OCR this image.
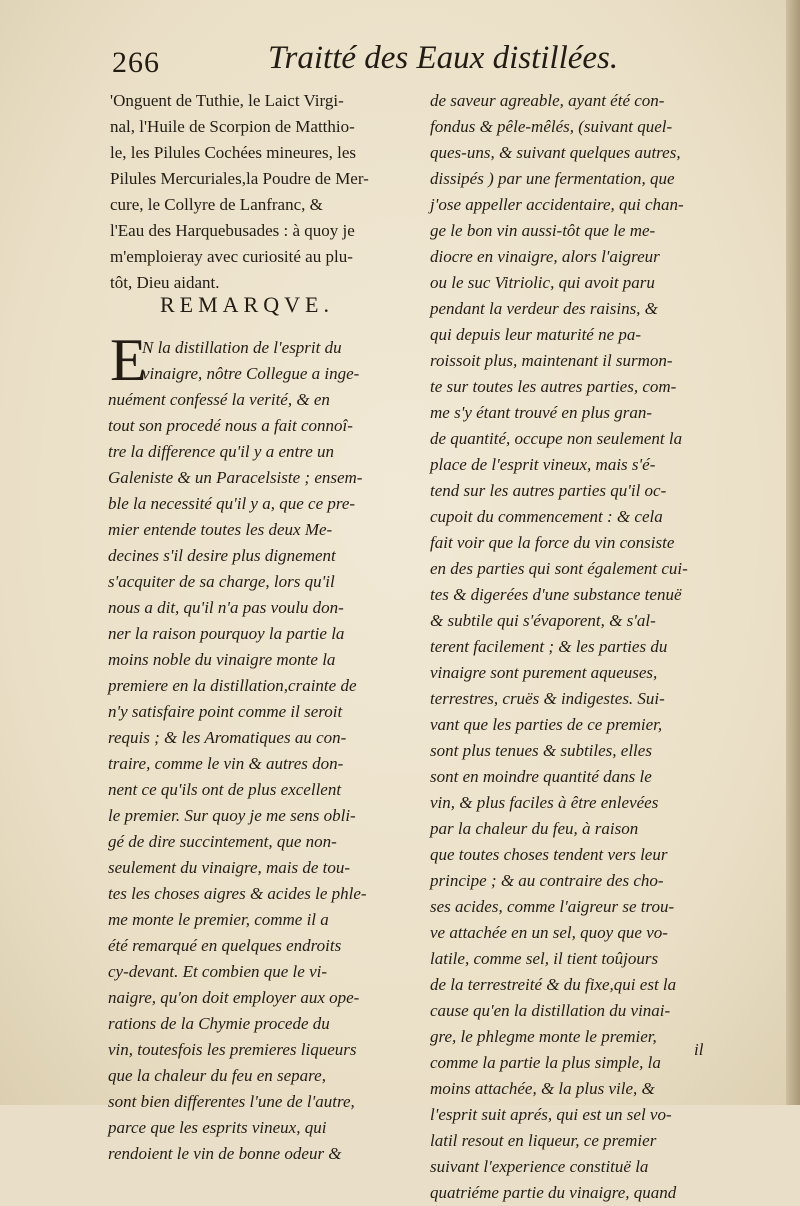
266	Traitté des Eaux distillées.
'Onguent de Tuthie, le Laict Virgi-
nal, l'Huile de Scorpion de Matthio-
le, les Pilules Cochées mineures, les
Pilules Mercuriales,la Poudre de Mer-
cure, le Collyre de Lanfranc, &
l'Eau des Harquebusades : à quoy je
m'emploieray avec curiosité au plu-
tôt, Dieu aidant.
REMARQVE.
E
N la distillation de l'esprit du
vinaigre, nôtre Collegue a inge-
nuément confessé la verité, & en
tout son procedé nous a fait connoî-
tre la difference qu'il y a entre un
Galeniste & un Paracelsiste ; ensem-
ble la necessité qu'il y a, que ce pre-
mier entende toutes les deux Me-
decines s'il desire plus dignement
s'acquiter de sa charge, lors qu'il
nous a dit, qu'il n'a pas voulu don-
ner la raison pourquoy la partie la
moins noble du vinaigre monte la
premiere en la distillation,crainte de
n'y satisfaire point comme il seroit
requis ; & les Aromatiques au con-
traire, comme le vin & autres don-
nent ce qu'ils ont de plus excellent
le premier. Sur quoy je me sens obli-
gé de dire succintement, que non-
seulement du vinaigre, mais de tou-
tes les choses aigres & acides le phle-
me monte le premier, comme il a
été remarqué en quelques endroits
cy-devant. Et combien que le vi-
naigre, qu'on doit employer aux ope-
rations de la Chymie procede du
vin, toutesfois les premieres liqueurs
que la chaleur du feu en separe,
sont bien differentes l'une de l'autre,
parce que les esprits vineux, qui
rendoient le vin de bonne odeur &
de saveur agreable, ayant été con-
fondus & pêle-mêlés, (suivant quel-
ques-uns, & suivant quelques autres,
dissipés ) par une fermentation, que
j'ose appeller accidentaire, qui chan-
ge le bon vin aussi-tôt que le me-
diocre en vinaigre, alors l'aigreur
ou le suc Vitriolic, qui avoit paru
pendant la verdeur des raisins, &
qui depuis leur maturité ne pa-
roissoit plus, maintenant il surmon-
te sur toutes les autres parties, com-
me s'y étant trouvé en plus gran-
de quantité, occupe non seulement la
place de l'esprit vineux, mais s'é-
tend sur les autres parties qu'il oc-
cupoit du commencement : & cela
fait voir que la force du vin consiste
en des parties qui sont également cui-
tes & digerées d'une substance tenuë
& subtile qui s'évaporent, & s'al-
terent facilement ; & les parties du
vinaigre sont purement aqueuses,
terrestres, cruës & indigestes. Sui-
vant que les parties de ce premier,
sont plus tenues & subtiles, elles
sont en moindre quantité dans le
vin, & plus faciles à être enlevées
par la chaleur du feu, à raison
que toutes choses tendent vers leur
principe ; & au contraire des cho-
ses acides, comme l'aigreur se trou-
ve attachée en un sel, quoy que vo-
latile, comme sel, il tient toûjours
de la terrestreité & du fixe,qui est la
cause qu'en la distillation du vinai-
gre, le phlegme monte le premier,
comme la partie la plus simple, la
moins attachée, & la plus vile, &
l'esprit suit aprés, qui est un sel vo-
latil resout en liqueur, ce premier
suivant l'experience constituë la
quatriéme partie du vinaigre, quand
il
